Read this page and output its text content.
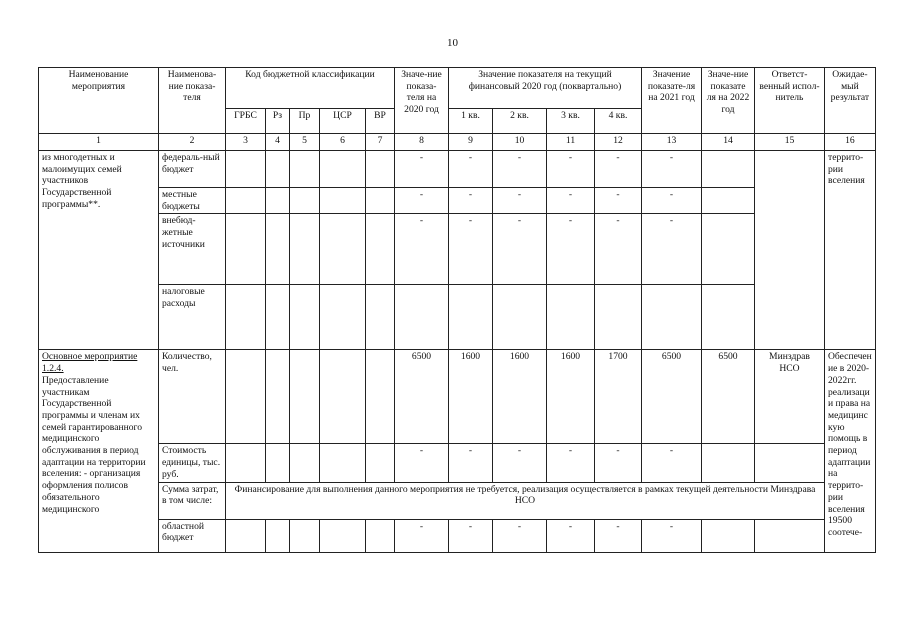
10
Наименование мероприятия	Наименова-ние показа-теля	Код бюджетной классификации					Значе-ние показа-теля на 2020 год	Значение показателя на текущий финансовый 2020 год (поквартально)				Значение показате-ля на 2021 год	Значе-ние показате ля на 2022 год	Ответст-венный испол-нитель	Ожидае-мый результат
		ГРБС	Рз	Пр	ЦСР	ВР		1 кв.	2 кв.	3 кв.	4 кв.				
1	2	3	4	5	6	7	8	9	10	11	12	13	14	15	16
из многодетных и малоимущих семей участников Государственной программы**.	федераль-ный бюджет						-	-	-	-	-	-			террито-рии вселения
	местные бюджеты						-	-	-	-	-	-			
	внебюд-жетные источники						-	-	-	-	-	-			
	налоговые расходы														
Основное мероприятие 1.2.4.
Предоставление участникам Государственной программы и членам их семей гарантированного медицинского обслуживания в период адаптации на территории вселения: - организация оформления полисов обязательного медицинского	Количество, чел.						6500	1600	1600	1600	1700	6500	6500	Минздрав НСО	Обеспечен ие в 2020-2022гг. реализаци и права на медицинс кую помощь в период адаптации на террито-рии вселения 19500 соотече-
	Стоимость единицы, тыс. руб.						-	-	-	-	-	-			
	Сумма затрат, в том числе:	Финансирование для выполнения данного мероприятия не требуется, реализация осуществляется в рамках текущей деятельности Минздрава НСО													
	областной бюджет						-	-	-	-	-	-			
